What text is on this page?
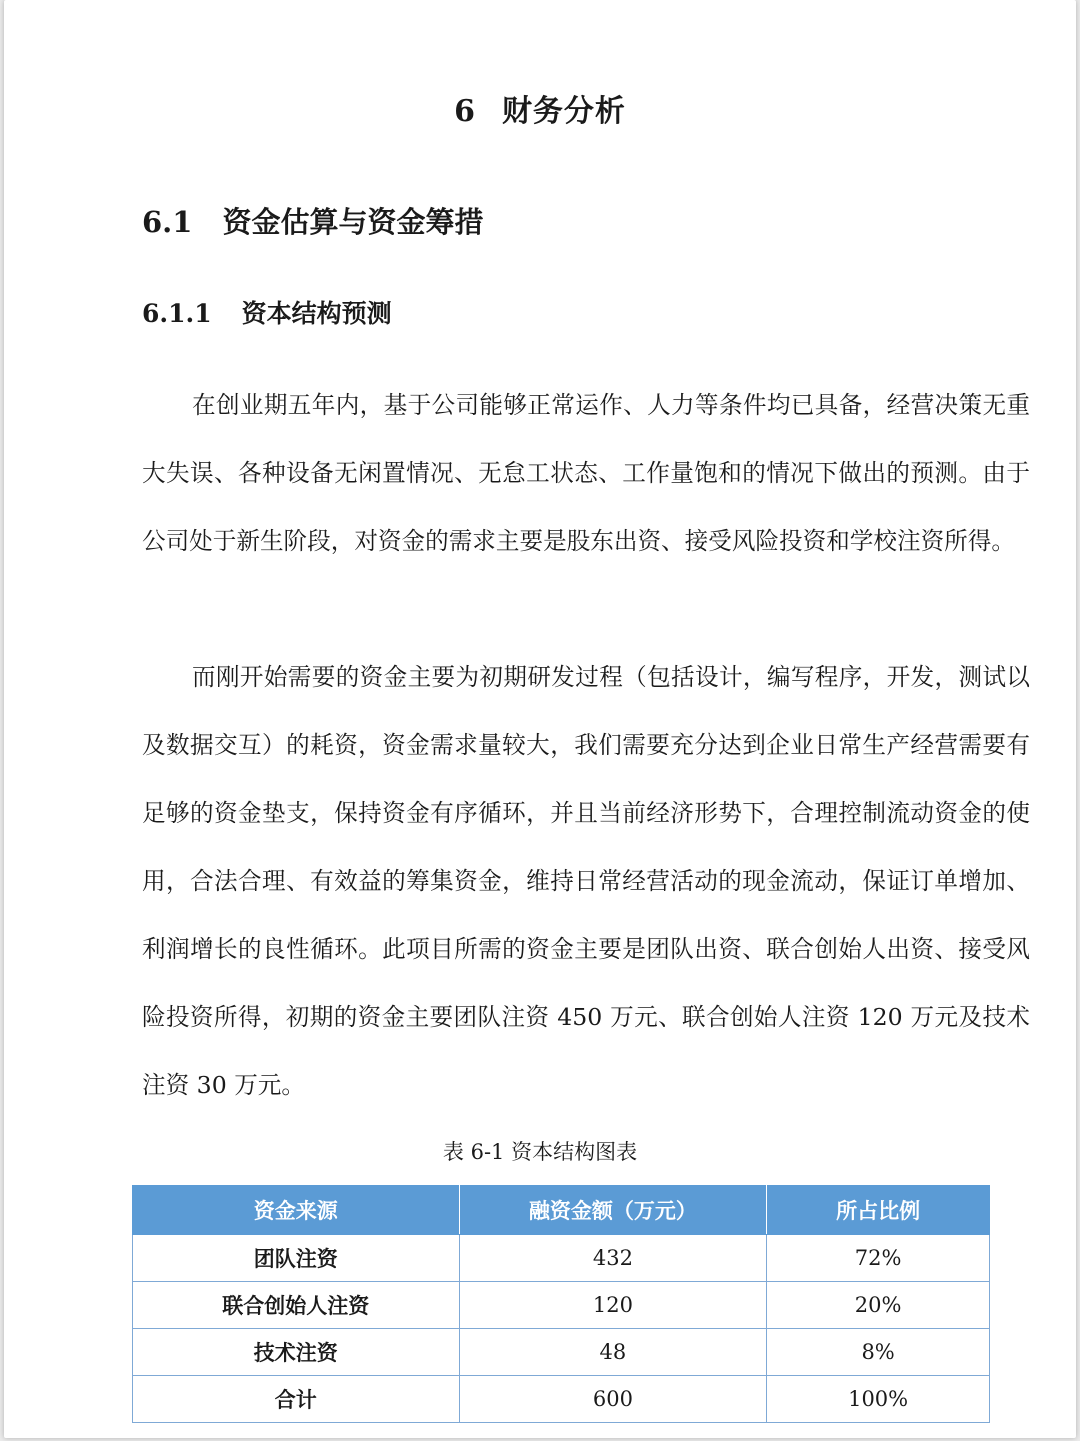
6 财务分析
6.1 资金估算与资金筹措
6.1.1 资本结构预测

在创业期五年内，基于公司能够正常运作、人力等条件均已具备，经营决策无重大失误、各种设备无闲置情况、无怠工状态、工作量饱和的情况下做出的预测。由于公司处于新生阶段，对资金的需求主要是股东出资、接受风险投资和学校注资所得。

而刚开始需要的资金主要为初期研发过程（包括设计，编写程序，开发，测试以及数据交互）的耗资，资金需求量较大，我们需要充分达到企业日常生产经营需要有足够的资金垫支，保持资金有序循环，并且当前经济形势下，合理控制流动资金的使用，合法合理、有效益的筹集资金，维持日常经营活动的现金流动，保证订单增加、利润增长的良性循环。此项目所需的资金主要是团队出资、联合创始人出资、接受风险投资所得，初期的资金主要团队注资 450 万元、联合创始人注资 120 万元及技术注资 30 万元。

表 6-1 资本结构图表
资金来源	融资金额（万元）	所占比例
团队注资	432	72%
联合创始人注资	120	20%
技术注资	48	8%
合计	600	100%
